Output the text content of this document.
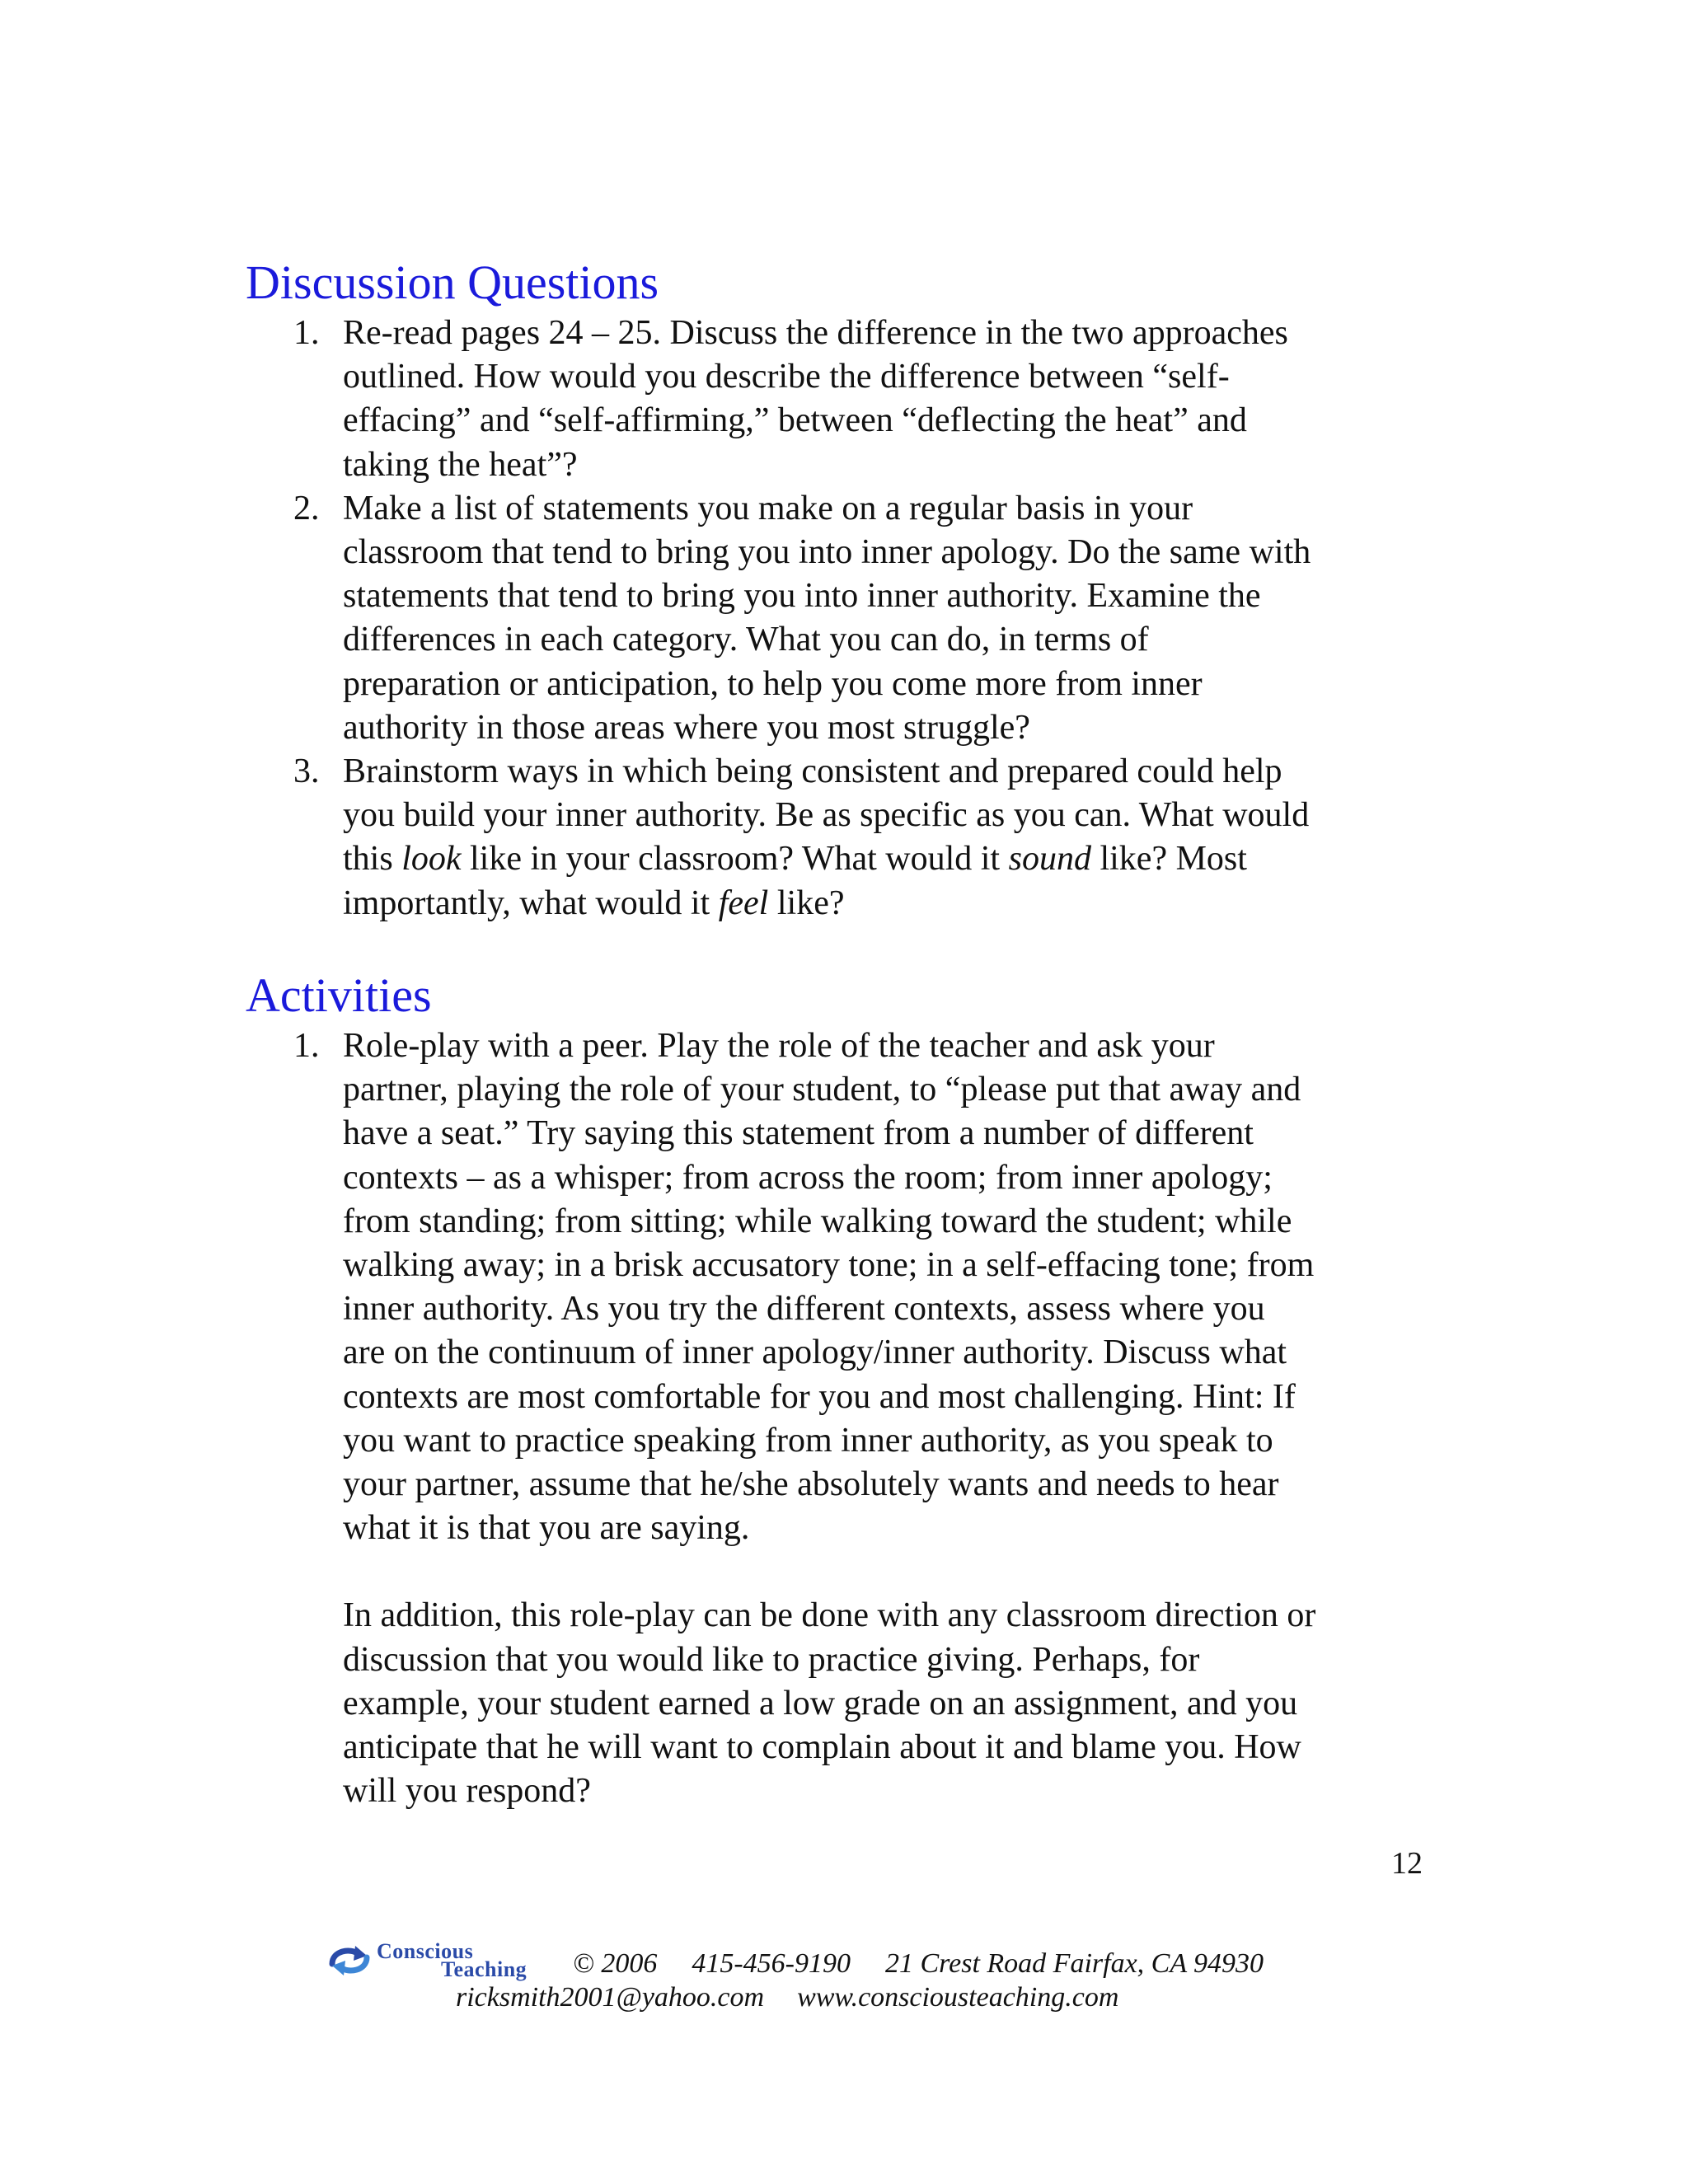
Discussion Questions
1. Re-read pages 24 – 25. Discuss the difference in the two approaches
outlined. How would you describe the difference between “self-
effacing” and “self-affirming,” between “deflecting the heat” and
taking the heat”?
2. Make a list of statements you make on a regular basis in your
classroom that tend to bring you into inner apology. Do the same with
statements that tend to bring you into inner authority. Examine the
differences in each category. What you can do, in terms of
preparation or anticipation, to help you come more from inner
authority in those areas where you most struggle?
3. Brainstorm ways in which being consistent and prepared could help
you build your inner authority. Be as specific as you can. What would
this look like in your classroom? What would it sound like? Most
importantly, what would it feel like?
Activities
1. Role-play with a peer. Play the role of the teacher and ask your
partner, playing the role of your student, to “please put that away and
have a seat.” Try saying this statement from a number of different
contexts – as a whisper; from across the room; from inner apology;
from standing; from sitting; while walking toward the student; while
walking away; in a brisk accusatory tone; in a self-effacing tone; from
inner authority. As you try the different contexts, assess where you
are on the continuum of inner apology/inner authority. Discuss what
contexts are most comfortable for you and most challenging. Hint: If
you want to practice speaking from inner authority, as you speak to
your partner, assume that he/she absolutely wants and needs to hear
what it is that you are saying.
In addition, this role-play can be done with any classroom direction or
discussion that you would like to practice giving. Perhaps, for
example, your student earned a low grade on an assignment, and you
anticipate that he will want to complain about it and blame you. How
will you respond?
12
Conscious
Teaching © 2006 415-456-9190 21 Crest Road Fairfax, CA 94930
ricksmith2001@yahoo.com www.consciousteaching.com
